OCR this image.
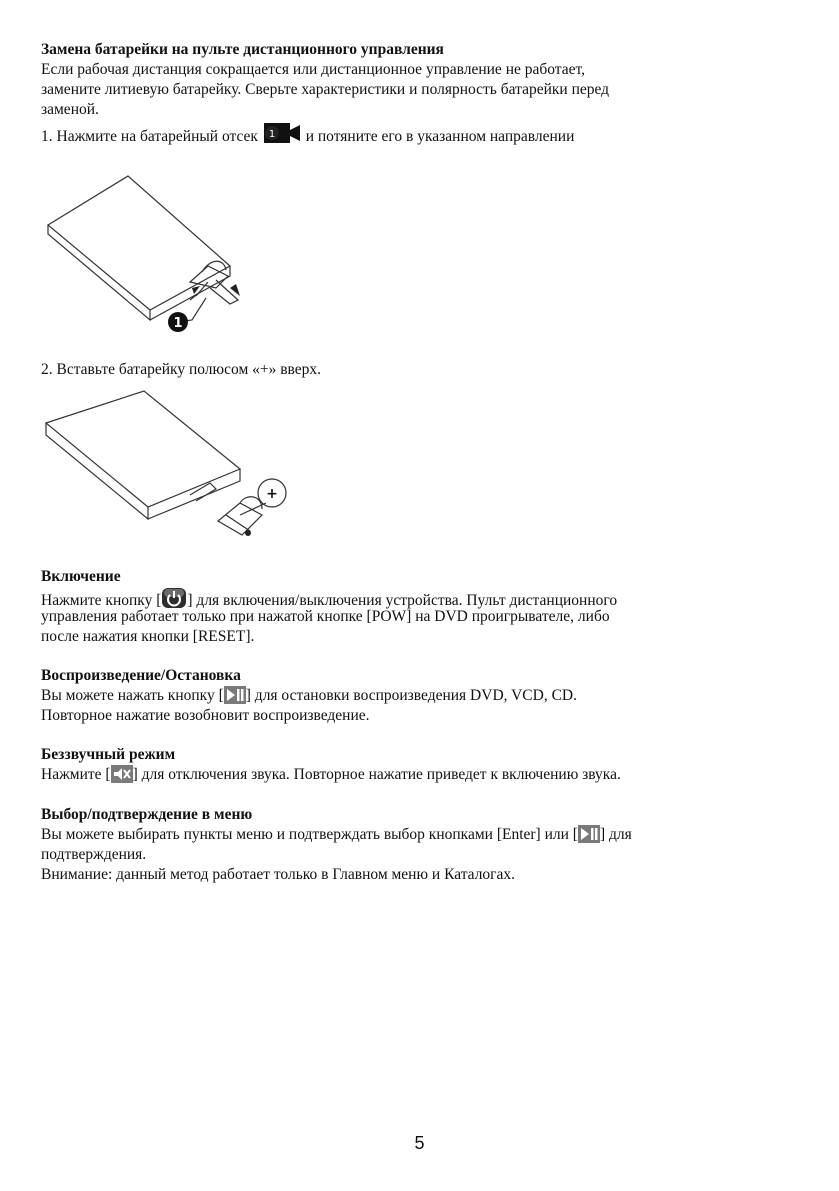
Замена батарейки на пульте дистанционного управления
Если рабочая дистанция сокращается или дистанционное управление не работает,
замените литиевую батарейку. Сверьте характеристики и полярность батарейки перед
заменой.
1. Нажмите на батарейный отсек 1 и потяните его в указанном направлении
1
2. Вставьте батарейку полюсом «+» вверх.
+
Включение
Нажмите кнопку [ ] для включения/выключения устройства. Пульт дистанционного
управления работает только при нажатой кнопке [POW] на DVD проигрывателе, либо
после нажатия кнопки [RESET].
Воспроизведение/Остановка
Вы можете нажать кнопку [ ] для остановки воспроизведения DVD, VCD, CD.
Повторное нажатие возобновит воспроизведение.
Беззвучный режим
Нажмите [ ] для отключения звука. Повторное нажатие приведет к включению звука.
Выбор/подтверждение в меню
Вы можете выбирать пункты меню и подтверждать выбор кнопками [Enter] или [ ] для
подтверждения.
Внимание: данный метод работает только в Главном меню и Каталогах.
5
